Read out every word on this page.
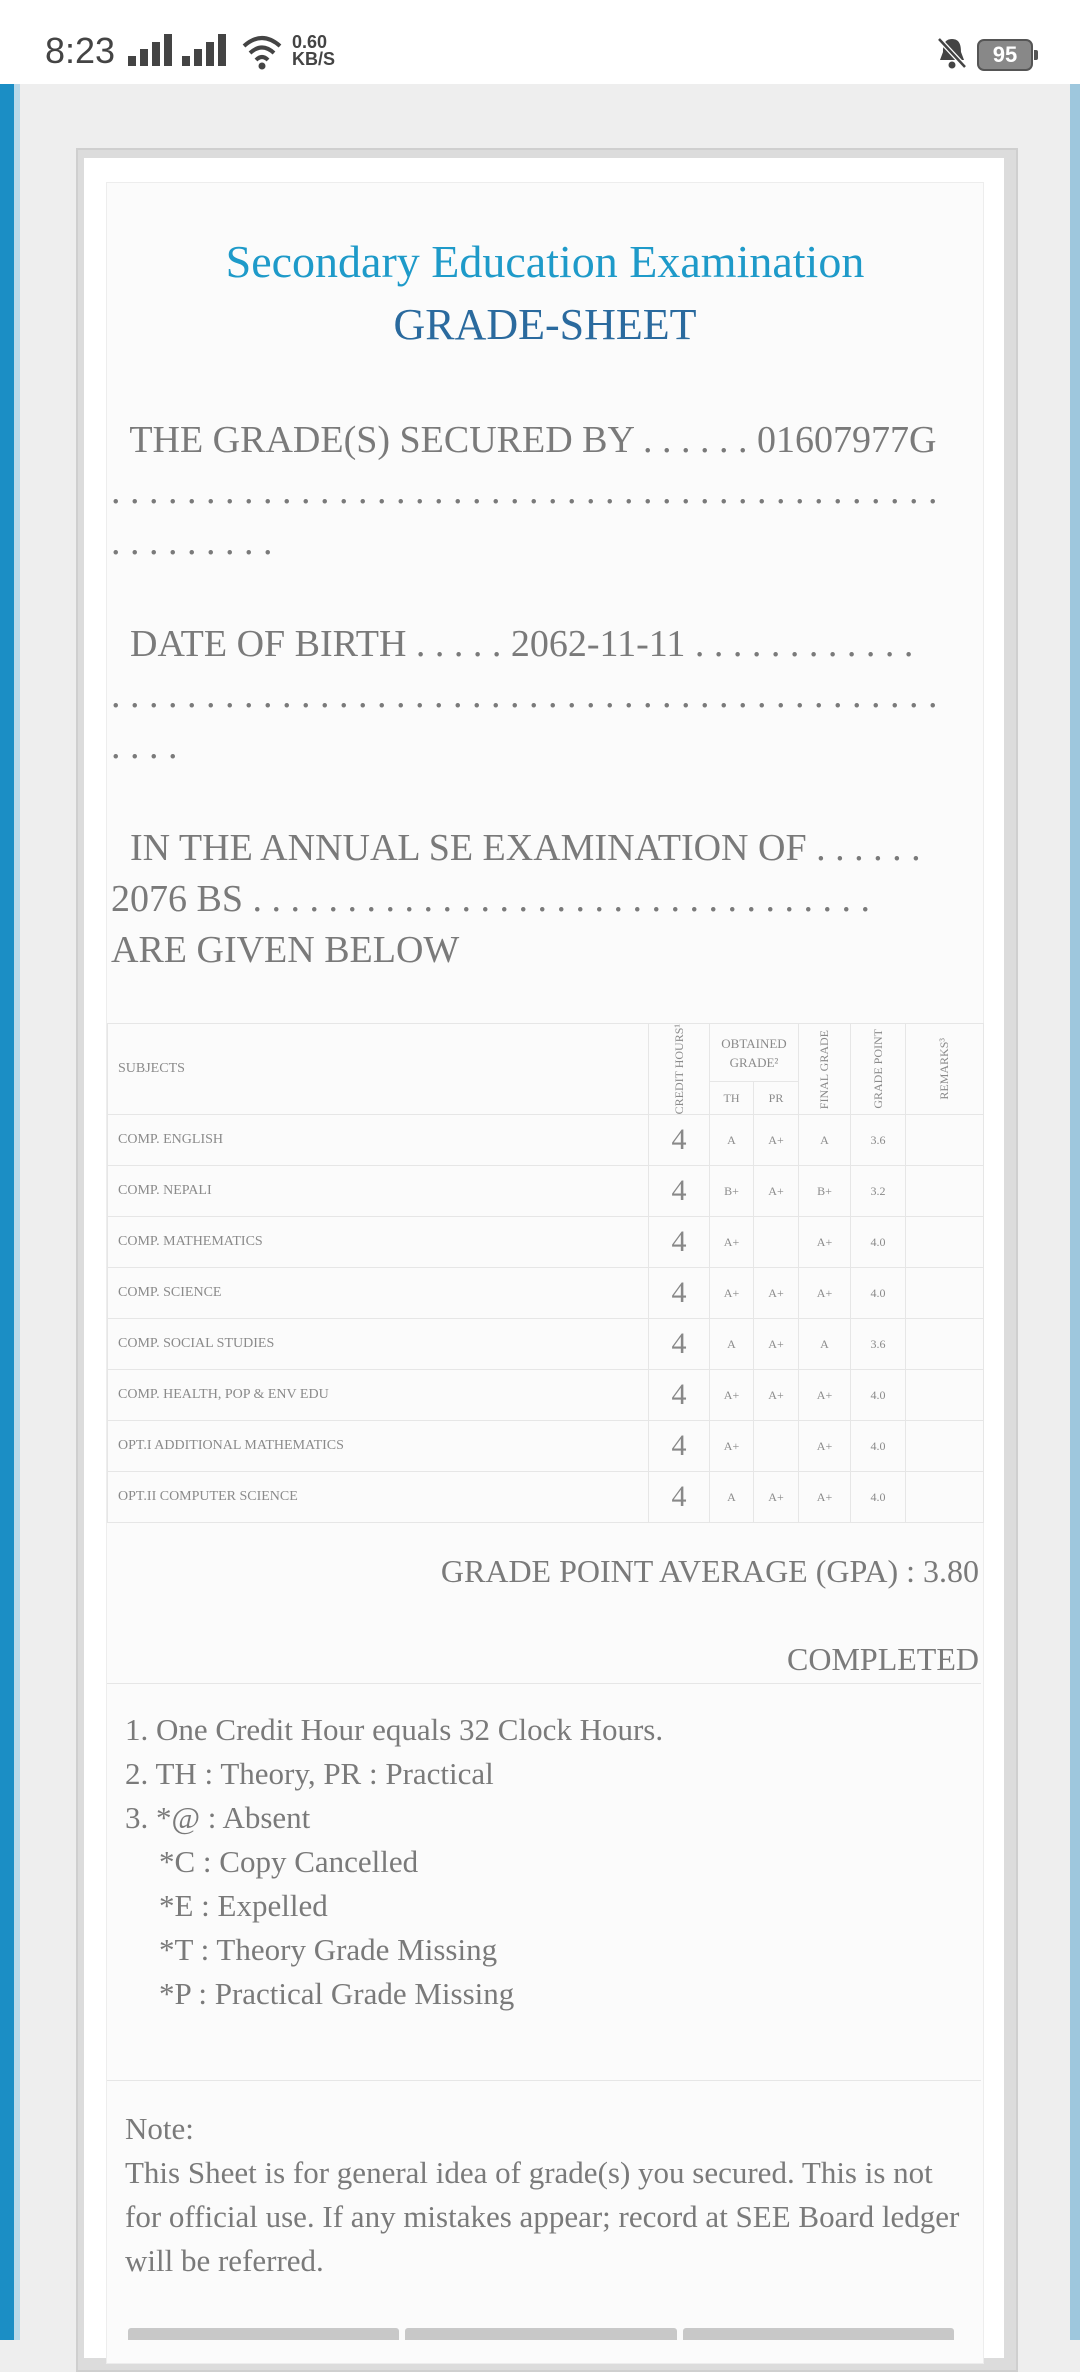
8:23	0.60
KB/S	95
Secondary Education Examination
GRADE-SHEET
THE GRADE(S) SECURED BY . . . . . . 01607977G
. . . . . . . . . . . . . . . . . . . . . . . . . . . . . . . . . . . . . . . . . . . .
. . . . . . . . .
DATE OF BIRTH . . . . . 2062-11-11 . . . . . . . . . . . .
. . . . . . . . . . . . . . . . . . . . . . . . . . . . . . . . . . . . . . . . . . . .
. . . .
IN THE ANNUAL SE EXAMINATION OF . . . . . .
2076 BS . . . . . . . . . . . . . . . . . . . . . . . . . . . . . . . . .
ARE GIVEN BELOW
SUBJECTS	CREDIT HOURS¹	OBTAINED GRADE²		FINAL GRADE	GRADE POINT	REMARKS³

		TH	PR			
COMP. ENGLISH	4	A	A+	A	3.6	
COMP. NEPALI	4	B+	A+	B+	3.2	
COMP. MATHEMATICS	4	A+		A+	4.0	
COMP. SCIENCE	4	A+	A+	A+	4.0	
COMP. SOCIAL STUDIES	4	A	A+	A	3.6	
COMP. HEALTH, POP & ENV EDU	4	A+	A+	A+	4.0	
OPT.I ADDITIONAL MATHEMATICS	4	A+		A+	4.0	
OPT.II COMPUTER SCIENCE	4	A	A+	A+	4.0	
GRADE POINT AVERAGE (GPA) : 3.80
COMPLETED
1. One Credit Hour equals 32 Clock Hours.
2. TH : Theory, PR : Practical
3. *@ : Absent
*C : Copy Cancelled
*E : Expelled
*T : Theory Grade Missing
*P : Practical Grade Missing
Note:
This Sheet is for general idea of grade(s) you secured. This is not for official use. If any mistakes appear; record at SEE Board ledger will be referred.
